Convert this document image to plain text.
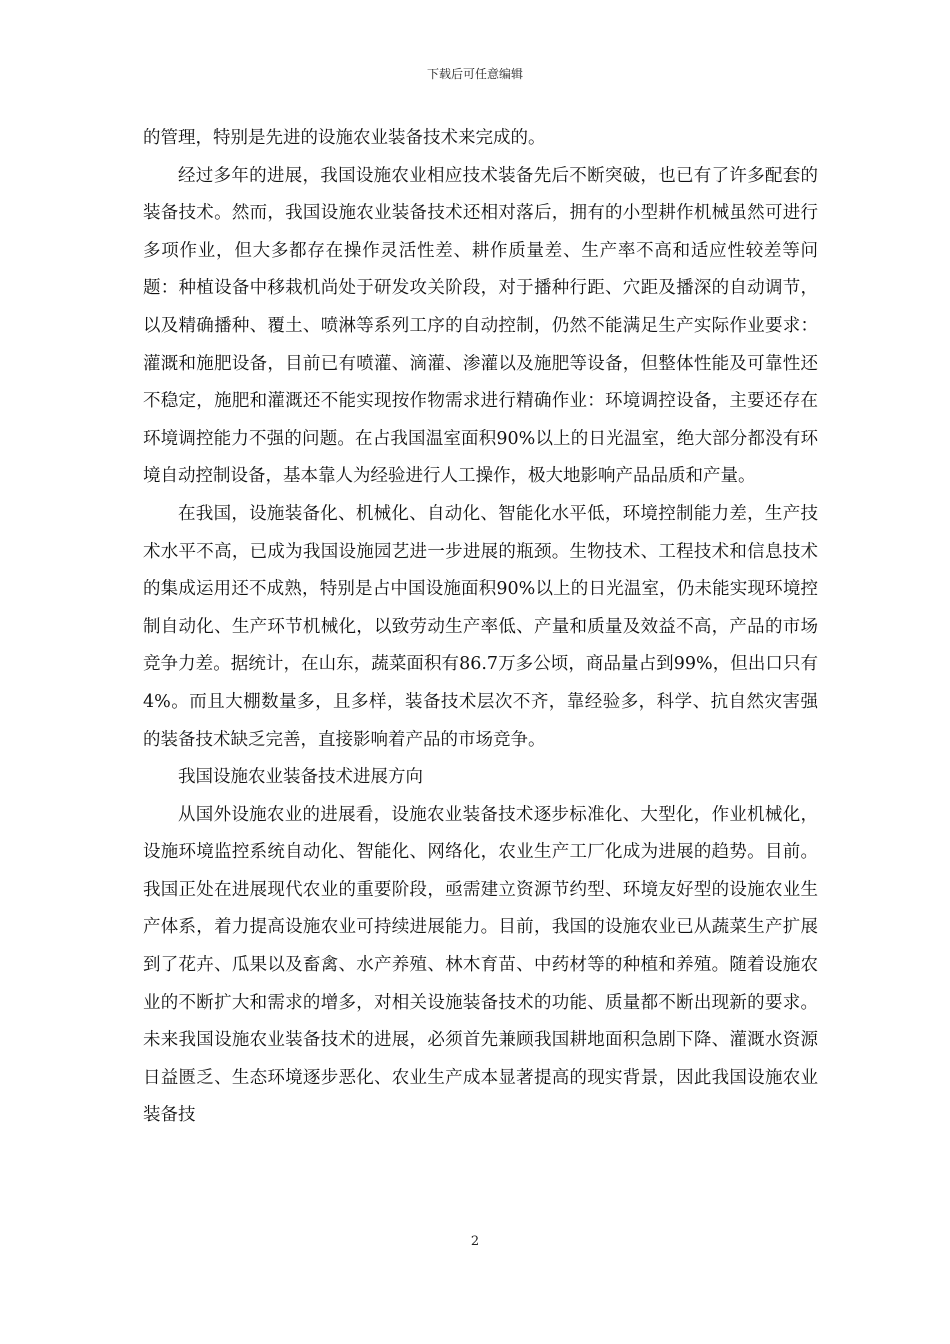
下载后可任意编辑

的管理，特别是先进的设施农业装备技术来完成的。

经过多年的进展，我国设施农业相应技术装备先后不断突破，也已有了许多配套的装备技术。然而，我国设施农业装备技术还相对落后，拥有的小型耕作机械虽然可进行多项作业，但大多都存在操作灵活性差、耕作质量差、生产率不高和适应性较差等问题：种植设备中移栽机尚处于研发攻关阶段，对于播种行距、穴距及播深的自动调节，以及精确播种、覆土、喷淋等系列工序的自动控制，仍然不能满足生产实际作业要求：灌溉和施肥设备，目前已有喷灌、滴灌、渗灌以及施肥等设备，但整体性能及可靠性还不稳定，施肥和灌溉还不能实现按作物需求进行精确作业：环境调控设备，主要还存在环境调控能力不强的问题。在占我国温室面积90%以上的日光温室，绝大部分都没有环境自动控制设备，基本靠人为经验进行人工操作，极大地影响产品品质和产量。

在我国，设施装备化、机械化、自动化、智能化水平低，环境控制能力差，生产技术水平不高，已成为我国设施园艺进一步进展的瓶颈。生物技术、工程技术和信息技术的集成运用还不成熟，特别是占中国设施面积90%以上的日光温室，仍未能实现环境控制自动化、生产环节机械化，以致劳动生产率低、产量和质量及效益不高，产品的市场竞争力差。据统计，在山东，蔬菜面积有86.7万多公顷，商品量占到99%，但出口只有4%。而且大棚数量多，且多样，装备技术层次不齐，靠经验多，科学、抗自然灾害强的装备技术缺乏完善，直接影响着产品的市场竞争。

我国设施农业装备技术进展方向

从国外设施农业的进展看，设施农业装备技术逐步标准化、大型化，作业机械化，设施环境监控系统自动化、智能化、网络化，农业生产工厂化成为进展的趋势。目前。我国正处在进展现代农业的重要阶段，亟需建立资源节约型、环境友好型的设施农业生产体系，着力提高设施农业可持续进展能力。目前，我国的设施农业已从蔬菜生产扩展到了花卉、瓜果以及畜禽、水产养殖、林木育苗、中药材等的种植和养殖。随着设施农业的不断扩大和需求的增多，对相关设施装备技术的功能、质量都不断出现新的要求。未来我国设施农业装备技术的进展，必须首先兼顾我国耕地面积急剧下降、灌溉水资源日益匮乏、生态环境逐步恶化、农业生产成本显著提高的现实背景，因此我国设施农业装备技

2
